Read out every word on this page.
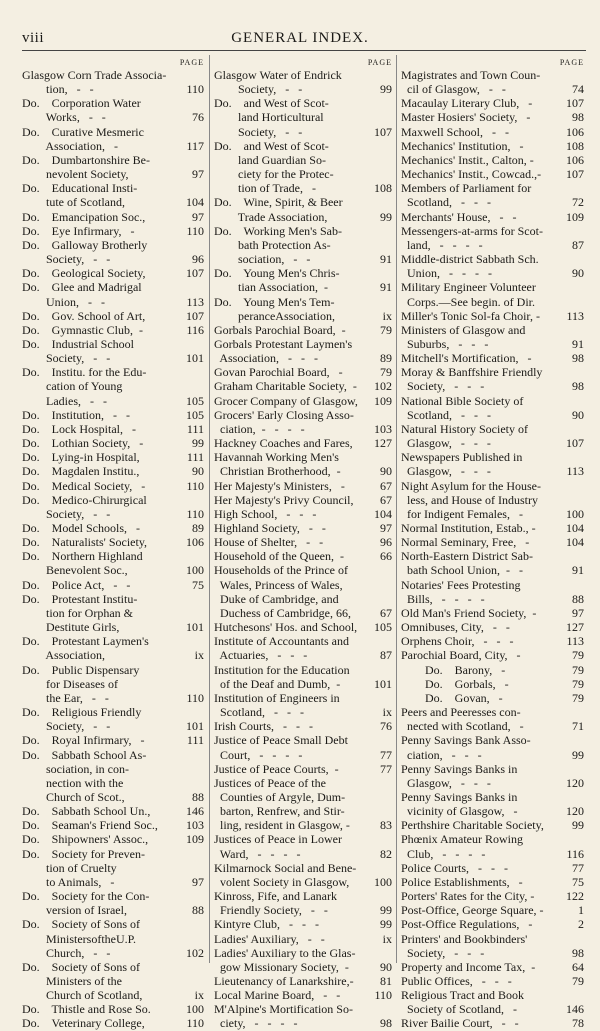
viii	GENERAL INDEX.
PAGE
Glasgow Corn Trade Associa-
tion,   -   -	110
Do.    Corporation Water
Works,   -   -	76
Do.    Curative Mesmeric
Association,   -	117
Do.    Dumbartonshire Be-
nevolent Society,	97
Do.    Educational Insti-
tute of Scotland,	104
Do.    Emancipation Soc.,	97
Do.    Eye Infirmary,   -	110
Do.    Galloway Brotherly
Society,   -   -	96
Do.    Geological Society,	107
Do.    Glee and Madrigal
Union,   -   -	113
Do.    Gov. School of Art,	107
Do.    Gymnastic Club,  -	116
Do.    Industrial School
Society,   -   -	101
Do.    Institu. for the Edu-
cation of Young
Ladies,   -   -	105
Do.    Institution,   -   -	105
Do.    Lock Hospital,   -	111
Do.    Lothian Society,   -	99
Do.    Lying-in Hospital,	111
Do.    Magdalen Institu.,	90
Do.    Medical Society,   -	110
Do.    Medico-Chirurgical
Society,   -   -	110
Do.    Model Schools,   -	89
Do.    Naturalists' Society,	106
Do.    Northern Highland
Benevolent Soc.,	100
Do.    Police Act,   -   -	75
Do.    Protestant Institu-
tion for Orphan &
Destitute Girls,	101
Do.    Protestant Laymen's
Association,	ix
Do.    Public Dispensary
for Diseases of
the Ear,   -   -	110
Do.    Religious Friendly
Society,   -   -	101
Do.    Royal Infirmary,   -	111
Do.    Sabbath School As-
sociation, in con-
nection with the
Church of Scot.,	88
Do.    Sabbath School Un.,	146
Do.    Seaman's Friend Soc.,	103
Do.    Shipowners' Assoc.,	109
Do.    Society for Preven-
tion of Cruelty
to Animals,   -	97
Do.    Society for the Con-
version of Israel,	88
Do.    Society of Sons of
MinistersoftheU.P.
Church,   -   -	102
Do.    Society of Sons of
Ministers of the
Church of Scotland,	ix
Do.    Thistle and Rose So.	100
Do.    Veterinary College,	110
PAGE
Glasgow Water of Endrick
Society,   -   -	99
Do.    and West of Scot-
land Horticultural
Society,   -   -	107
Do.    and West of Scot-
land Guardian So-
ciety for the Protec-
tion of Trade,   -	108
Do.    Wine, Spirit, & Beer
Trade Association,	99
Do.    Working Men's Sab-
bath Protection As-
sociation,   -   -	91
Do.    Young Men's Chris-
tian Association,  -	91
Do.    Young Men's Tem-
peranceAssociation,	ix
Gorbals Parochial Board,  -	79
Gorbals Protestant Laymen's
Association,   -   -   -	89
Govan Parochial Board,   -	79
Graham Charitable Society,  -	102
Grocer Company of Glasgow,	109
Grocers' Early Closing Asso-
ciation,  -   -   -   -	103
Hackney Coaches and Fares,	127
Havannah Working Men's
Christian Brotherhood,  -	90
Her Majesty's Ministers,   -	67
Her Majesty's Privy Council,	67
High School,   -   -   -	104
Highland Society,   -   -	97
House of Shelter,   -   -	96
Household of the Queen,  -	66
Households of the Prince of
Wales, Princess of Wales,
Duke of Cambridge, and
Duchess of Cambridge, 66,	67
Hutchesons' Hos. and School,	105
Institute of Accountants and
Actuaries,   -   -   -	87
Institution for the Education
of the Deaf and Dumb,  -	101
Institution of Engineers in
Scotland,   -   -   -	ix
Irish Courts,   -   -   -	76
Justice of Peace Small Debt
Court,   -   -   -   -	77
Justice of Peace Courts,  -	77
Justices of Peace of the
Counties of Argyle, Dum-
barton, Renfrew, and Stir-
ling, resident in Glasgow, -	83
Justices of Peace in Lower
Ward,   -   -   -   -	82
Kilmarnock Social and Bene-
volent Society in Glasgow,	100
Kinross, Fife, and Lanark
Friendly Society,   -   -	99
Kintyre Club,   -   -   -	99
Ladies' Auxiliary,   -   -	ix
Ladies' Auxiliary to the Glas-
gow Missionary Society,  -	90
Lieutenancy of Lanarkshire,-	81
Local Marine Board,   -   -	110
M'Alpine's Mortification So-
ciety,   -   -   -   -	98
PAGE
Magistrates and Town Coun-
cil of Glasgow,   -   -	74
Macaulay Literary Club,   -	107
Master Hosiers' Society,   -	98
Maxwell School,   -   -	106
Mechanics' Institution,   -	108
Mechanics' Instit., Calton, -	106
Mechanics' Instit., Cowcad.,-	107
Members of Parliament for
Scotland,   -   -   -	72
Merchants' House,   -   -	109
Messengers-at-arms for Scot-
land,   -   -   -   -	87
Middle-district Sabbath Sch.
Union,   -   -   -   -	90
Military Engineer Volunteer
Corps.—See begin. of Dir.
Miller's Tonic Sol-fa Choir, -	113
Ministers of Glasgow and
Suburbs,   -   -   -	91
Mitchell's Mortification,   -	98
Moray & Banffshire Friendly
Society,   -   -   -	98
National Bible Society of
Scotland,   -   -   -	90
Natural History Society of
Glasgow,   -   -   -	107
Newspapers Published in
Glasgow,   -   -   -	113
Night Asylum for the House-
less, and House of Industry
for Indigent Females,   -	100
Normal Institution, Estab., -	104
Normal Seminary, Free,   -	104
North-Eastern District Sab-
bath School Union,  -   -	91
Notaries' Fees Protesting
Bills,   -   -   -   -	88
Old Man's Friend Society,  -	97
Omnibuses, City,   -   -	127
Orphens Choir,   -   -   -	113
Parochial Board, City,   -	79
Do.    Barony,   -	79
Do.    Gorbals,   -	79
Do.    Govan,   -	79
Peers and Peeresses con-
nected with Scotland,   -	71
Penny Savings Bank Asso-
ciation,   -   -   -	99
Penny Savings Banks in
Glasgow,   -   -   -	120
Penny Savings Banks in
vicinity of Glasgow,   -	120
Perthshire Charitable Society,	99
Phœnix Amateur Rowing
Club,   -   -   -   -	116
Police Courts,   -   -   -	77
Police Establishments,   -	75
Porters' Rates for the City, -	122
Post-Office, George Square, -	1
Post-Office Regulations,   -	2
Printers' and Bookbinders'
Society,   -   -   -	98
Property and Income Tax,  -	64
Public Offices,   -   -   -	79
Religious Tract and Book
Society of Scotland,   -	146
River Bailie Court,   -   -	78
